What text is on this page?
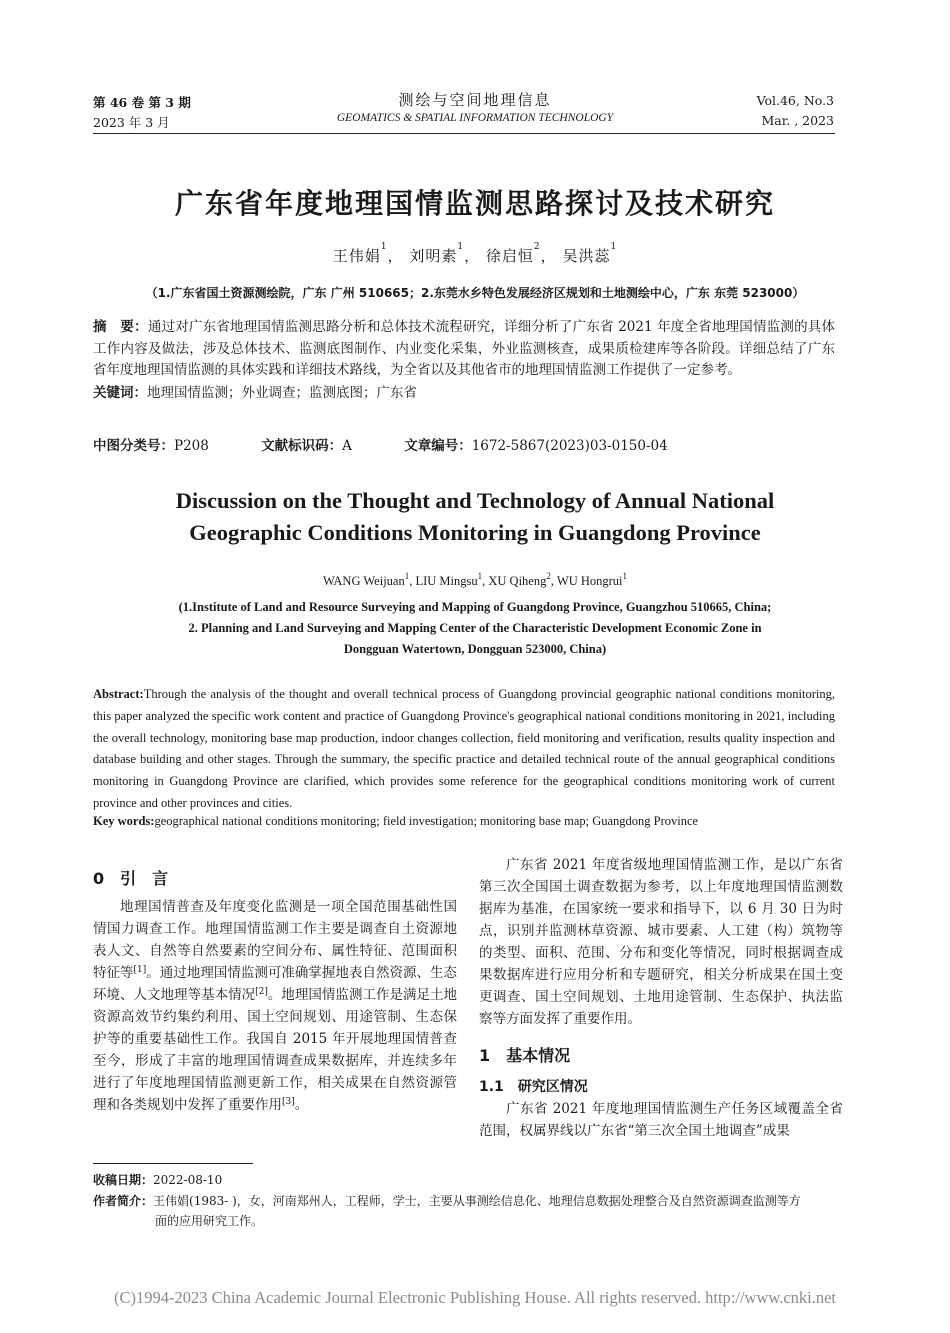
第 46 卷 第 3 期
2023 年 3 月
测绘与空间地理信息
GEOMATICS & SPATIAL INFORMATION TECHNOLOGY
Vol.46, No.3
Mar. , 2023
广东省年度地理国情监测思路探讨及技术研究
王伟娟$^1$， 刘明素$^1$， 徐启恒$^2$， 吴洪蕊$^1$
（1.广东省国土资源测绘院，广东 广州 510665；2.东莞水乡特色发展经济区规划和土地测绘中心，广东 东莞 523000）
摘　要：通过对广东省地理国情监测思路分析和总体技术流程研究，详细分析了广东省 2021 年度全省地理国情监测的具体工作内容及做法，涉及总体技术、监测底图制作、内业变化采集，外业监测核查，成果质检建库等各阶段。详细总结了广东省年度地理国情监测的具体实践和详细技术路线，为全省以及其他省市的地理国情监测工作提供了一定参考。
关键词：地理国情监测；外业调查；监测底图；广东省
中图分类号：P208	文献标识码：A	文章编号：1672-5867(2023)03-0150-04
Discussion on the Thought and Technology of Annual National
Geographic Conditions Monitoring in Guangdong Province
WANG Weijuan$^1$, LIU Mingsu$^1$, XU Qiheng$^2$, WU Hongrui$^1$
(1.Institute of Land and Resource Surveying and Mapping of Guangdong Province, Guangzhou 510665, China;
2. Planning and Land Surveying and Mapping Center of the Characteristic Development Economic Zone in
Dongguan Watertown, Dongguan 523000, China)
Abstract:Through the analysis of the thought and overall technical process of Guangdong provincial geographic national conditions monitoring, this paper analyzed the specific work content and practice of Guangdong Province's geographical national conditions monitoring in 2021, including the overall technology, monitoring base map production, indoor changes collection, field monitoring and verification, results quality inspection and database building and other stages. Through the summary, the specific practice and detailed technical route of the annual geographical conditions monitoring in Guangdong Province are clarified, which provides some reference for the geographical conditions monitoring work of current province and other provinces and cities.
Key words:geographical national conditions monitoring; field investigation; monitoring base map; Guangdong Province
0　引　言

地理国情普查及年度变化监测是一项全国范围基础性国情国力调查工作。地理国情监测工作主要是调查自土资源地表人文、自然等自然要素的空间分布、属性特征、范围面积特征等[1]。通过地理国情监测可准确掌握地表自然资源、生态环境、人文地理等基本情况[2]。地理国情监测工作是满足土地资源高效节约集约利用、国土空间规划、用途管制、生态保护等的重要基础性工作。我国自 2015 年开展地理国情普查至今，形成了丰富的地理国情调查成果数据库，并连续多年进行了年度地理国情监测更新工作，相关成果在自然资源管理和各类规划中发挥了重要作用[3]。

广东省 2021 年度省级地理国情监测工作，是以广东省第三次全国国土调查数据为参考，以上年度地理国情监测数据库为基准，在国家统一要求和指导下，以 6 月 30 日为时点，识别并监测林草资源、城市要素、人工建（构）筑物等的类型、面积、范围、分布和变化等情况，同时根据调查成果数据库进行应用分析和专题研究，相关分析成果在国土变更调查、国土空间规划、土地用途管制、生态保护、执法监察等方面发挥了重要作用。

1　基本情况
1.1　研究区情况

广东省 2021 年度地理国情监测生产任务区域覆盖全省范围，权属界线以广东省“第三次全国土地调查”成果

收稿日期：2022-08-10
作者简介：王伟娟(1983- )，女，河南郑州人，工程师，学士，主要从事测绘信息化、地理信息数据处理整合及自然资源调查监测等方
面的应用研究工作。
(C)1994-2023 China Academic Journal Electronic Publishing House. All rights reserved. http://www.cnki.net
